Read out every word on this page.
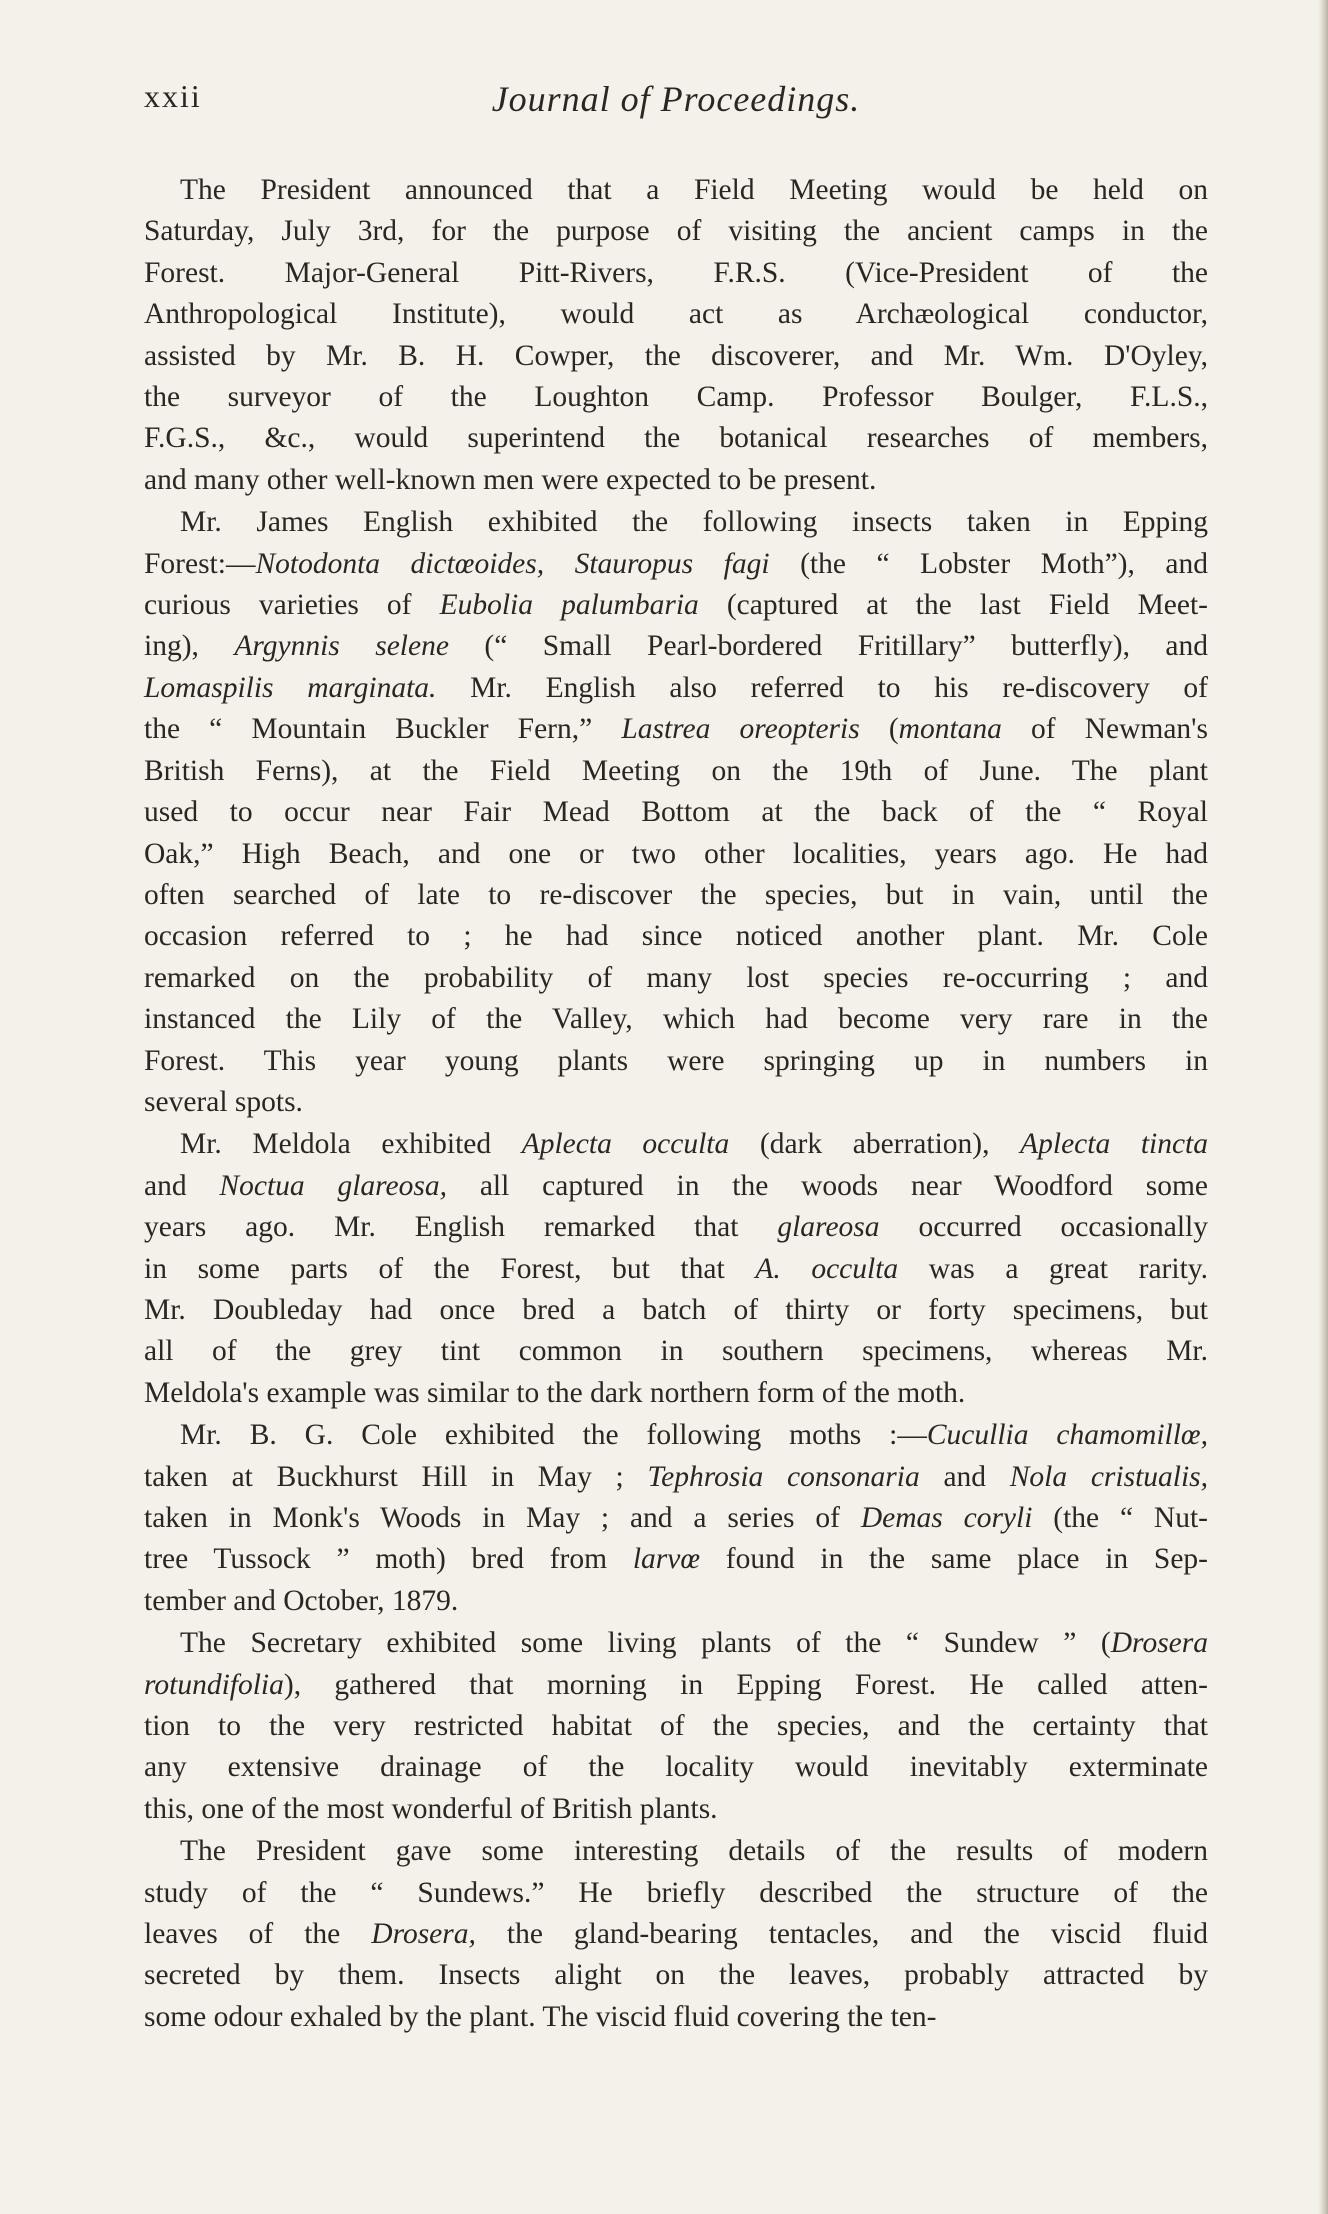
xxii	Journal of Proceedings.
The President announced that a Field Meeting would be held on
Saturday, July 3rd, for the purpose of visiting the ancient camps in the
Forest. Major-General Pitt-Rivers, F.R.S. (Vice-President of the
Anthropological Institute), would act as Archæological conductor,
assisted by Mr. B. H. Cowper, the discoverer, and Mr. Wm. D'Oyley,
the surveyor of the Loughton Camp. Professor Boulger, F.L.S.,
F.G.S., &c., would superintend the botanical researches of members,
and many other well-known men were expected to be present.
Mr. James English exhibited the following insects taken in Epping
Forest:—Notodonta dictœoides, Stauropus fagi (the “ Lobster Moth”), and
curious varieties of Eubolia palumbaria (captured at the last Field Meet-
ing), Argynnis selene (“ Small Pearl-bordered Fritillary” butterfly), and
Lomaspilis marginata. Mr. English also referred to his re-discovery of
the “ Mountain Buckler Fern,” Lastrea oreopteris (montana of Newman's
British Ferns), at the Field Meeting on the 19th of June. The plant
used to occur near Fair Mead Bottom at the back of the “ Royal
Oak,” High Beach, and one or two other localities, years ago. He had
often searched of late to re-discover the species, but in vain, until the
occasion referred to ; he had since noticed another plant. Mr. Cole
remarked on the probability of many lost species re-occurring ; and
instanced the Lily of the Valley, which had become very rare in the
Forest. This year young plants were springing up in numbers in
several spots.
Mr. Meldola exhibited Aplecta occulta (dark aberration), Aplecta tincta
and Noctua glareosa, all captured in the woods near Woodford some
years ago. Mr. English remarked that glareosa occurred occasionally
in some parts of the Forest, but that A. occulta was a great rarity.
Mr. Doubleday had once bred a batch of thirty or forty specimens, but
all of the grey tint common in southern specimens, whereas Mr.
Meldola's example was similar to the dark northern form of the moth.
Mr. B. G. Cole exhibited the following moths :—Cucullia chamomillœ,
taken at Buckhurst Hill in May ; Tephrosia consonaria and Nola cristualis,
taken in Monk's Woods in May ; and a series of Demas coryli (the “ Nut-
tree Tussock ” moth) bred from larvœ found in the same place in Sep-
tember and October, 1879.
The Secretary exhibited some living plants of the “ Sundew ” (Drosera
rotundifolia), gathered that morning in Epping Forest. He called atten-
tion to the very restricted habitat of the species, and the certainty that
any extensive drainage of the locality would inevitably exterminate
this, one of the most wonderful of British plants.
The President gave some interesting details of the results of modern
study of the “ Sundews.” He briefly described the structure of the
leaves of the Drosera, the gland-bearing tentacles, and the viscid fluid
secreted by them. Insects alight on the leaves, probably attracted by
some odour exhaled by the plant. The viscid fluid covering the ten-
